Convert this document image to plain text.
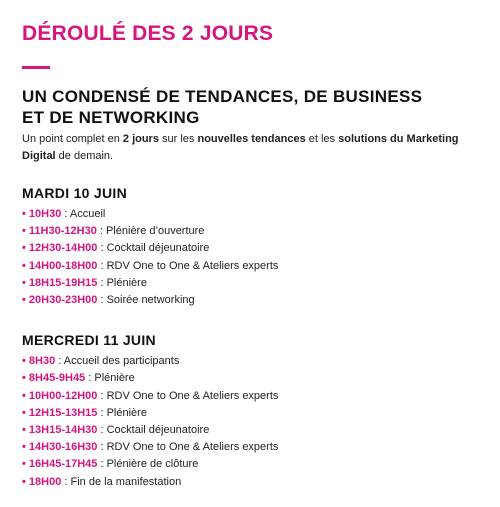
DÉROULÉ DES 2 JOURS
UN CONDENSÉ DE TENDANCES, DE BUSINESS
ET DE NETWORKING
Un point complet en 2 jours sur les nouvelles tendances et les solutions du Marketing Digital de demain.
MARDI 10 JUIN
• 10H30 : Accueil
• 11H30-12H30 : Plénière d’ouverture
• 12H30-14H00 : Cocktail déjeunatoire
• 14H00-18H00 : RDV One to One & Ateliers experts
• 18H15-19H15 : Plénière
• 20H30-23H00 : Soirée networking
MERCREDI 11 JUIN
• 8H30 : Accueil des participants
• 8H45-9H45 : Plénière
• 10H00-12H00 : RDV One to One & Ateliers experts
• 12H15-13H15 : Plénière
• 13H15-14H30 : Cocktail déjeunatoire
• 14H30-16H30 : RDV One to One & Ateliers experts
• 16H45-17H45 : Plénière de clôture
• 18H00 : Fin de la manifestation
